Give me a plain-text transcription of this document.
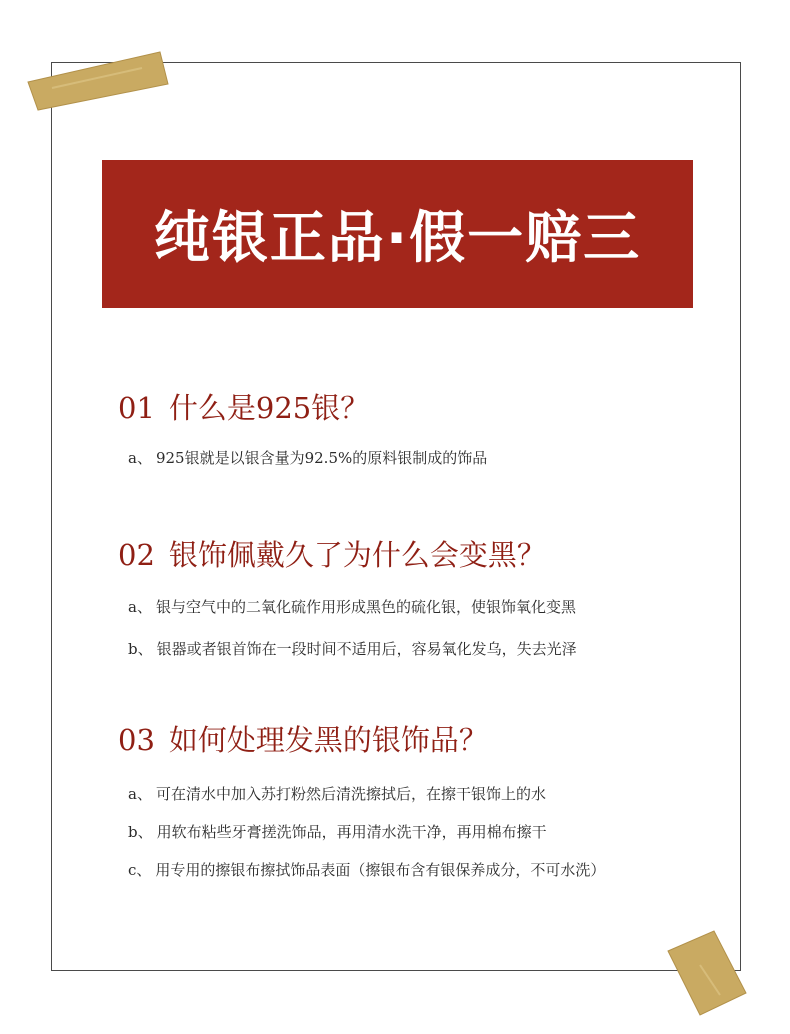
纯银正品·假一赔三
01 什么是925银？
a、 925银就是以银含量为92.5%的原料银制成的饰品
02 银饰佩戴久了为什么会变黑？
a、 银与空气中的二氧化硫作用形成黑色的硫化银，使银饰氧化变黑
b、 银器或者银首饰在一段时间不适用后，容易氧化发乌，失去光泽
03 如何处理发黑的银饰品？
a、 可在清水中加入苏打粉然后清洗擦拭后，在擦干银饰上的水
b、 用软布粘些牙膏搓洗饰品，再用清水洗干净，再用棉布擦干
c、 用专用的擦银布擦拭饰品表面（擦银布含有银保养成分，不可水洗）
